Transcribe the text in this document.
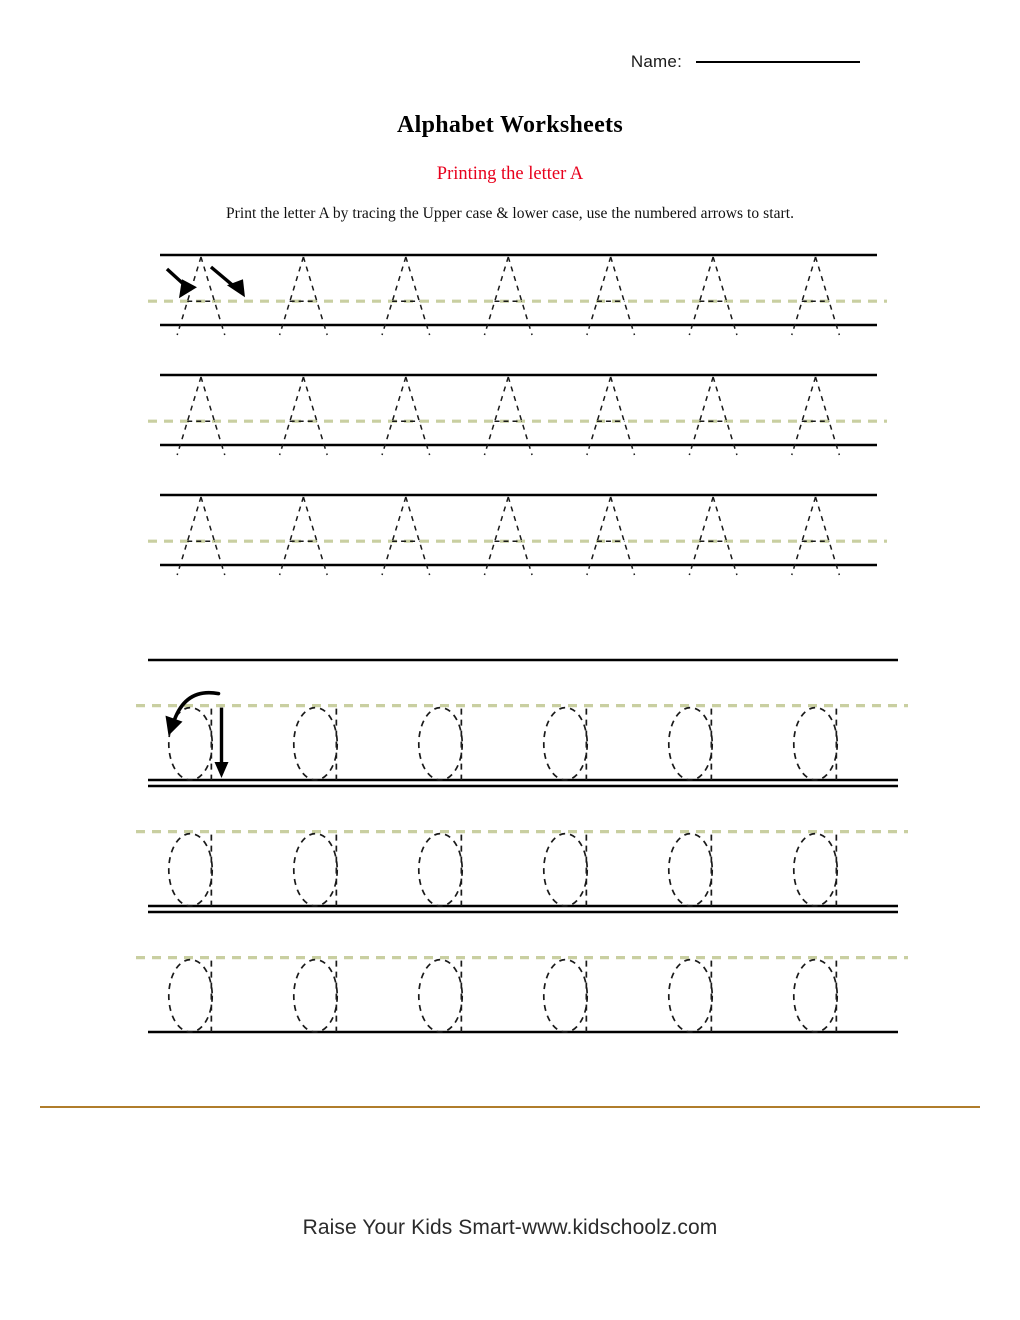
Name:
Alphabet Worksheets
Printing the letter A
Print the letter A by tracing the Upper case & lower case, use the numbered arrows to start.
Raise Your Kids Smart-www.kidschoolz.com
